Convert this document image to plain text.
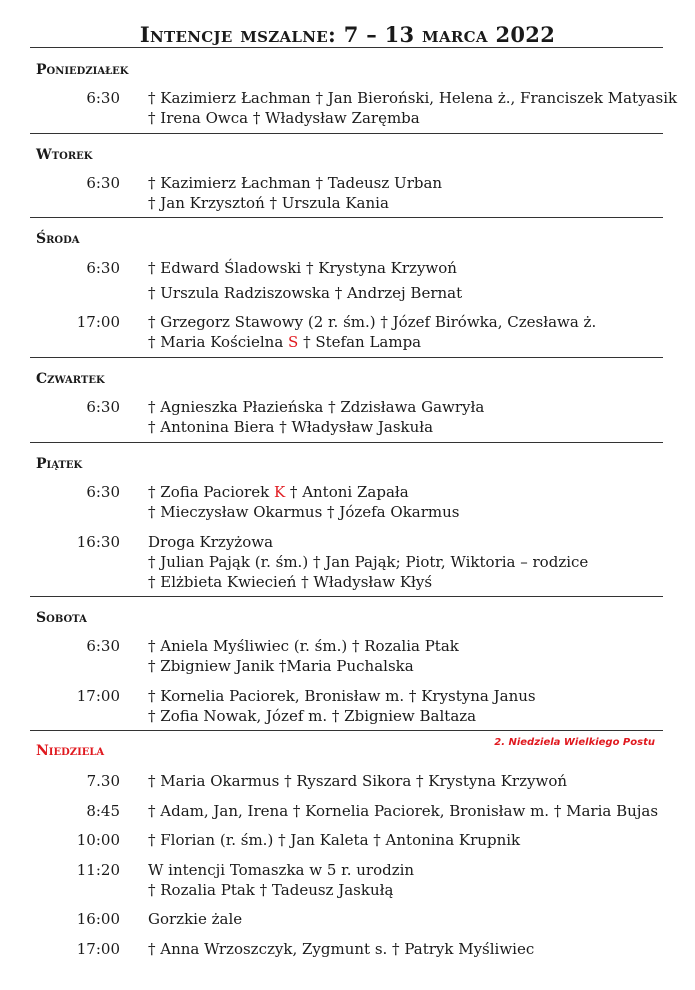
Intencje mszalne: 7 – 13 marca 2022
Poniedziałek
6:30 † Kazimierz Łachman † Jan Bieroński, Helena ż., Franciszek Matyasik
† Irena Owca † Władysław Zaręmba
Wtorek
6:30 † Kazimierz Łachman † Tadeusz Urban
† Jan Krzysztoń † Urszula Kania
Środa
6:30 † Edward Śladowski † Krystyna Krzywoń
† Urszula Radziszowska † Andrzej Bernat
17:00 † Grzegorz Stawowy (2 r. śm.) † Józef Birówka, Czesława ż.
† Maria Kościelna S † Stefan Lampa
Czwartek
6:30 † Agnieszka Płazieńska † Zdzisława Gawryła
† Antonina Biera † Władysław Jaskuła
Piątek
6:30 † Zofia Paciorek K † Antoni Zapała
† Mieczysław Okarmus † Józefa Okarmus
16:30 Droga Krzyżowa
† Julian Pająk (r. śm.) † Jan Pająk; Piotr, Wiktoria – rodzice
† Elżbieta Kwiecień † Władysław Kłyś
Sobota
6:30 † Aniela Myśliwiec (r. śm.) † Rozalia Ptak
† Zbigniew Janik †Maria Puchalska
17:00 † Kornelia Paciorek, Bronisław m. † Krystyna Janus
† Zofia Nowak, Józef m. † Zbigniew Baltaza
Niedziela
2. Niedziela Wielkiego Postu
7.30 † Maria Okarmus † Ryszard Sikora † Krystyna Krzywoń
8:45 † Adam, Jan, Irena † Kornelia Paciorek, Bronisław m. † Maria Bujas
10:00 † Florian (r. śm.) † Jan Kaleta † Antonina Krupnik
11:20 W intencji Tomaszka w 5 r. urodzin
† Rozalia Ptak † Tadeusz Jaskułą
16:00 Gorzkie żale
17:00 † Anna Wrzoszczyk, Zygmunt s. † Patryk Myśliwiec
